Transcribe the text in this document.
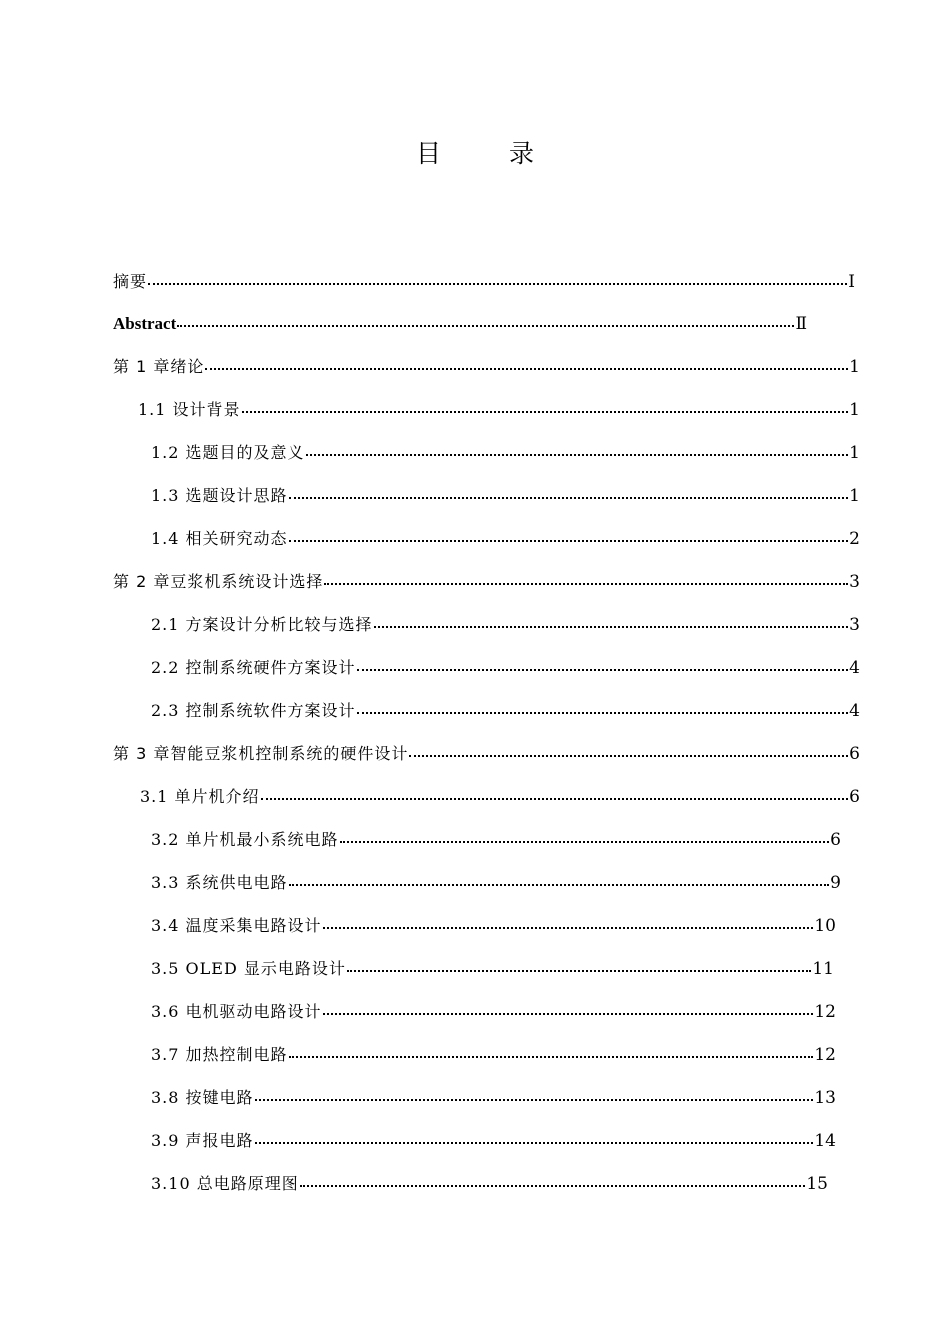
目 录
摘要	Ⅰ
Abstract	Ⅱ
第 1 章绪论	1
1.1 设计背景	1
1.2 选题目的及意义	1
1.3 选题设计思路	1
1.4 相关研究动态	2
第 2 章豆浆机系统设计选择	3
2.1 方案设计分析比较与选择	3
2.2 控制系统硬件方案设计	4
2.3 控制系统软件方案设计	4
第 3 章智能豆浆机控制系统的硬件设计	6
3.1 单片机介绍	6
3.2 单片机最小系统电路	6
3.3 系统供电电路	9
3.4 温度采集电路设计	10
3.5 OLED 显示电路设计	11
3.6 电机驱动电路设计	12
3.7 加热控制电路	12
3.8 按键电路	13
3.9 声报电路	14
3.10 总电路原理图	15
